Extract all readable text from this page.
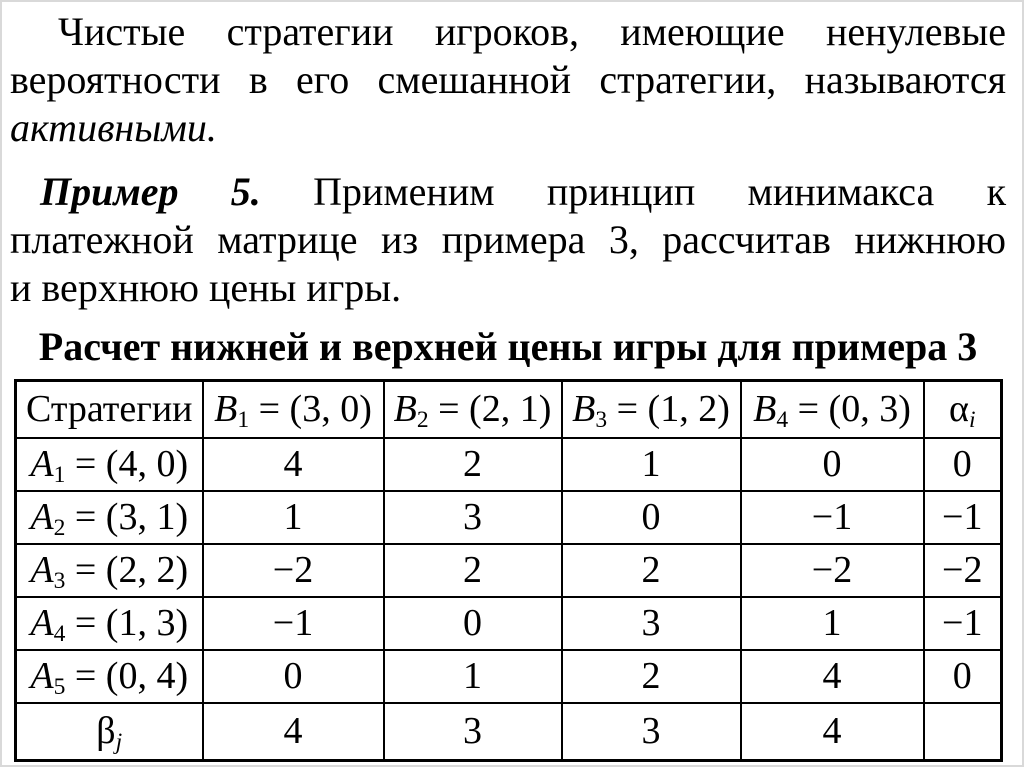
Чистые стратегии игроков, имеющие ненулевые
вероятности в его смешанной стратегии, называются
активными.
Пример 5. Применим принцип минимакса к
платежной матрице из примера 3, рассчитав нижнюю
и верхнюю цены игры.
Расчет нижней и верхней цены игры для примера 3
Стратегии	$B_1 = (3$, 0)	$B_2 = (2$, 1)	$B_3 = (1$, 2)	$B_4 = (0$, 3)	$\alpha_i$
$A_1 = (4$, 0)	4	2	1	0	0
$A_2 = (3$, 1)	1	3	0	−1	−1
$A_3 = (2$, 2)	−2	2	2	−2	−2
$A_4 = (1$, 3)	−1	0	3	1	−1
$A_5 = (0$, 4)	0	1	2	4	0
$\beta_j$	4	3	3	4	
